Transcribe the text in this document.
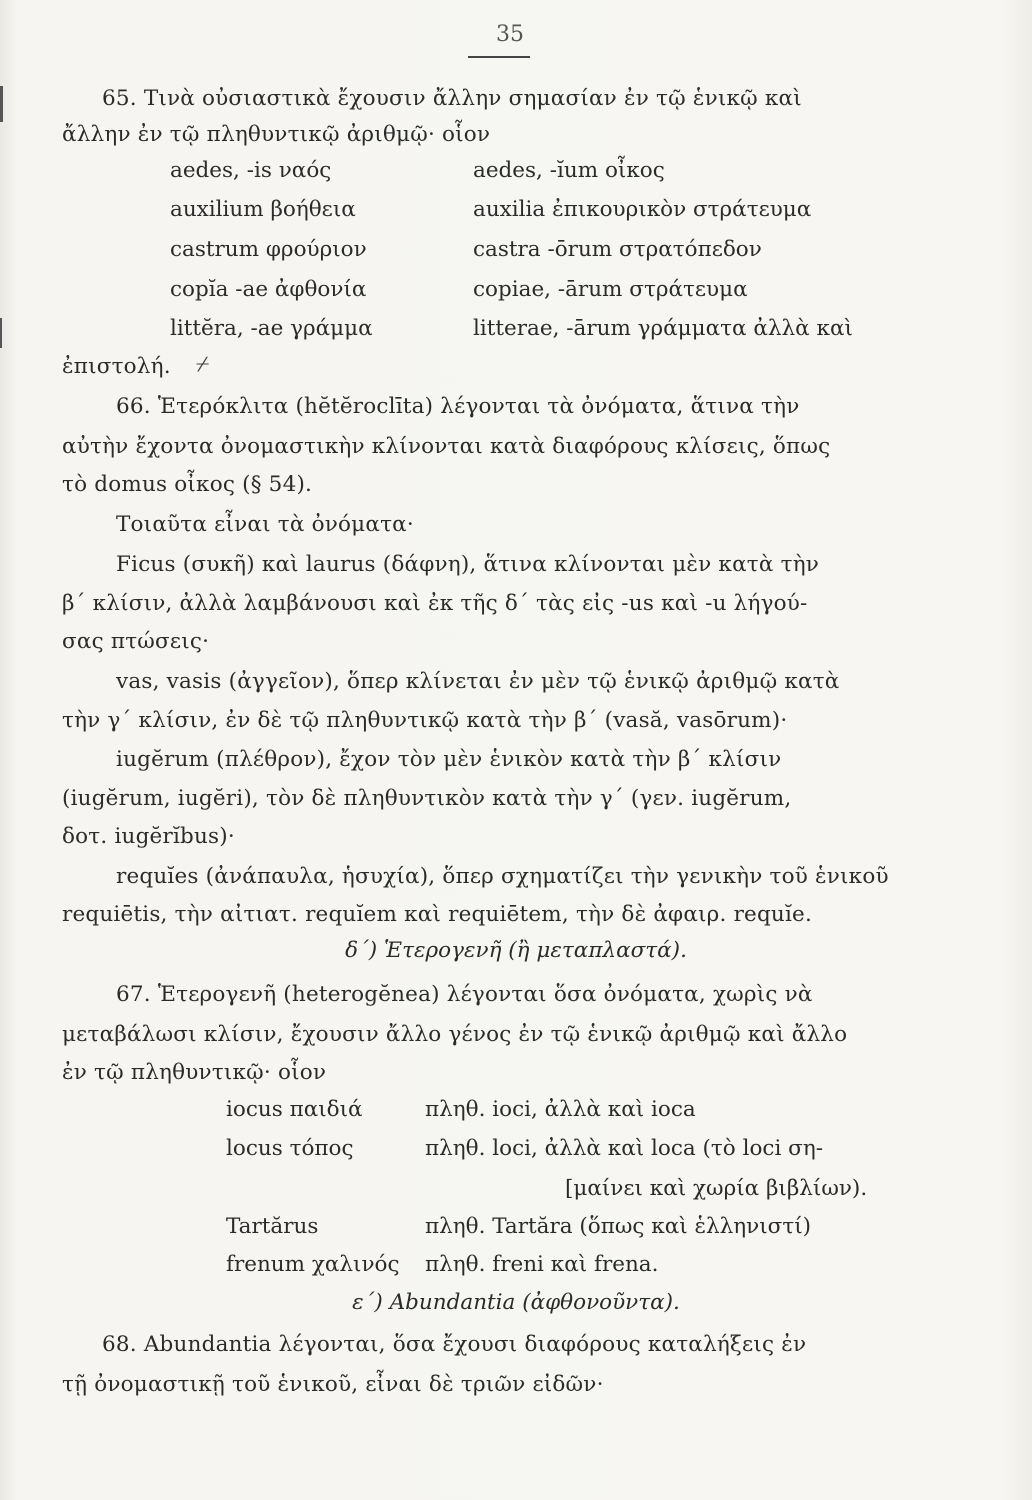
35
65. Τινὰ οὐσιαστικὰ ἔχουσιν ἄλλην σημασίαν ἐν τῷ ἑνικῷ καὶ
ἄλλην ἐν τῷ πληθυντικῷ ἀριθμῷ· οἷον
aedes, -is ναός	aedes, -ĭum οἶκος
auxilium βοήθεια	auxilia ἐπικουρικὸν στράτευμα
castrum φρούριον	castra -ōrum στρατόπεδον
copĭa -ae ἀφθονία	copiae, -ārum στράτευμα
littĕra, -ae γράμμα	litterae, -ārum γράμματα ἀλλὰ καὶ
ἐπιστολή.	⌿
66. Ἑτερόκλιτα (hĕtĕroclīta) λέγονται τὰ ὀνόματα, ἅτινα τὴν
αὐτὴν ἔχοντα ὀνομαστικὴν κλίνονται κατὰ διαφόρους κλίσεις, ὅπως
τὸ domus οἶκος (§ 54).
Τοιαῦτα εἶναι τὰ ὀνόματα·
Ficus (συκῆ) καὶ laurus (δάφνη), ἅτινα κλίνονται μὲν κατὰ τὴν
β΄ κλίσιν, ἀλλὰ λαμβάνουσι καὶ ἐκ τῆς δ΄ τὰς εἰς -us καὶ -u λήγού-
σας πτώσεις·
vas, vasis (ἀγγεῖον), ὅπερ κλίνεται ἐν μὲν τῷ ἑνικῷ ἀριθμῷ κατὰ
τὴν γ΄ κλίσιν, ἐν δὲ τῷ πληθυντικῷ κατὰ τὴν β΄ (vasă, vasōrum)·
iugĕrum (πλέθρον), ἔχον τὸν μὲν ἑνικὸν κατὰ τὴν β΄ κλίσιν
(iugĕrum, iugĕri), τὸν δὲ πληθυντικὸν κατὰ τὴν γ΄ (γεν. iugĕrum,
δοτ. iugĕrĭbus)·
requĭes (ἀνάπαυλα, ἡσυχία), ὅπερ σχηματίζει τὴν γενικὴν τοῦ ἑνικοῦ
requiētis, τὴν αἰτιατ. requĭem καὶ requiētem, τὴν δὲ ἀφαιρ. requĭe.
δ΄) Ἑτερογενῆ (ἢ μεταπλαστά).
67. Ἑτερογενῆ (heterogĕnea) λέγονται ὅσα ὀνόματα, χωρὶς νὰ
μεταβάλωσι κλίσιν, ἔχουσιν ἄλλο γένος ἐν τῷ ἑνικῷ ἀριθμῷ καὶ ἄλλο
ἐν τῷ πληθυντικῷ· οἷον
iocus παιδιά	πληθ. ioci, ἀλλὰ καὶ ioca
locus τόπος	πληθ. loci, ἀλλὰ καὶ loca (τὸ loci ση-
[μαίνει καὶ χωρία βιβλίων).
Tartărus	πληθ. Tartăra (ὅπως καὶ ἑλληνιστί)
frenum χαλινός πληθ. freni καὶ frena.
ε΄) Abundantia (ἀφθονοῦντα).
68. Abundantia λέγονται, ὅσα ἔχουσι διαφόρους καταλήξεις ἐν
τῇ ὀνομαστικῇ τοῦ ἑνικοῦ, εἶναι δὲ τριῶν εἰδῶν·
